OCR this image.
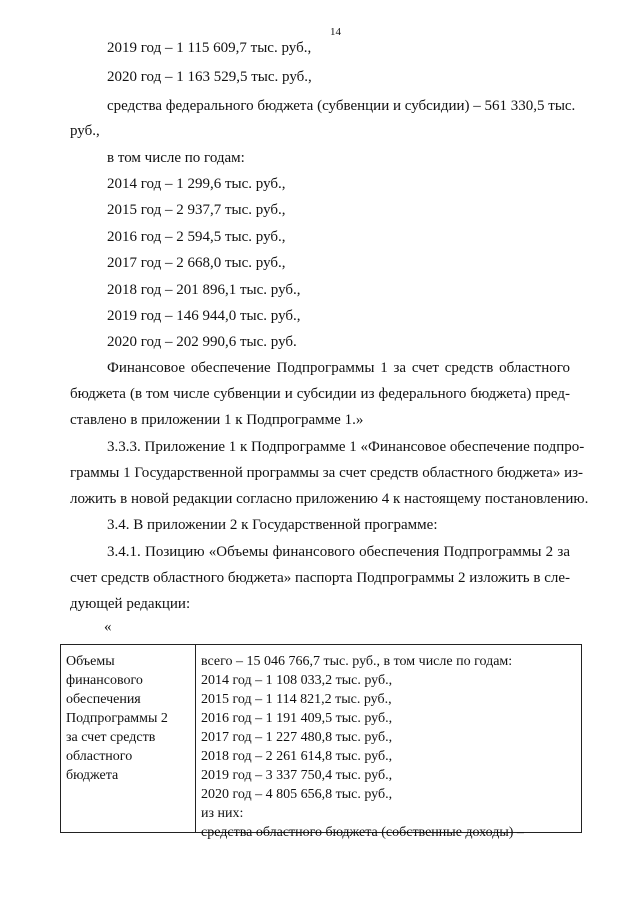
14
2019 год – 1 115 609,7 тыс. руб.,
2020 год – 1 163 529,5 тыс. руб.,
средства федерального бюджета (субвенции и субсидии) – 561 330,5 тыс.
руб.,
в том числе по годам:
2014 год – 1 299,6 тыс. руб.,
2015 год – 2 937,7 тыс. руб.,
2016 год – 2 594,5 тыс. руб.,
2017 год – 2 668,0 тыс. руб.,
2018 год – 201 896,1 тыс. руб.,
2019 год – 146 944,0 тыс. руб.,
2020 год – 202 990,6 тыс. руб.
Финансовое обеспечение Подпрограммы 1 за счет средств областного
бюджета (в том числе субвенции и субсидии из федерального бюджета) пред-
ставлено в приложении 1 к Подпрограмме 1.»
3.3.3. Приложение 1 к Подпрограмме 1 «Финансовое обеспечение подпро-
граммы 1 Государственной программы за счет средств областного бюджета» из-
ложить в новой редакции согласно приложению 4 к настоящему постановлению.
3.4. В приложении 2 к Государственной программе:
3.4.1. Позицию «Объемы финансового обеспечения Подпрограммы 2 за
счет средств областного бюджета» паспорта Подпрограммы 2 изложить в сле-
дующей редакции:
«
Объемы
финансового
обеспечения
Подпрограммы 2
за счет средств
областного
бюджета
всего – 15 046 766,7 тыс. руб., в том числе по годам:
2014 год – 1 108 033,2 тыс. руб.,
2015 год – 1 114 821,2 тыс. руб.,
2016 год – 1 191 409,5 тыс. руб.,
2017 год – 1 227 480,8 тыс. руб.,
2018 год – 2 261 614,8 тыс. руб.,
2019 год – 3 337 750,4 тыс. руб.,
2020 год – 4 805 656,8 тыс. руб.,
из них:
средства областного бюджета (собственные доходы) –
